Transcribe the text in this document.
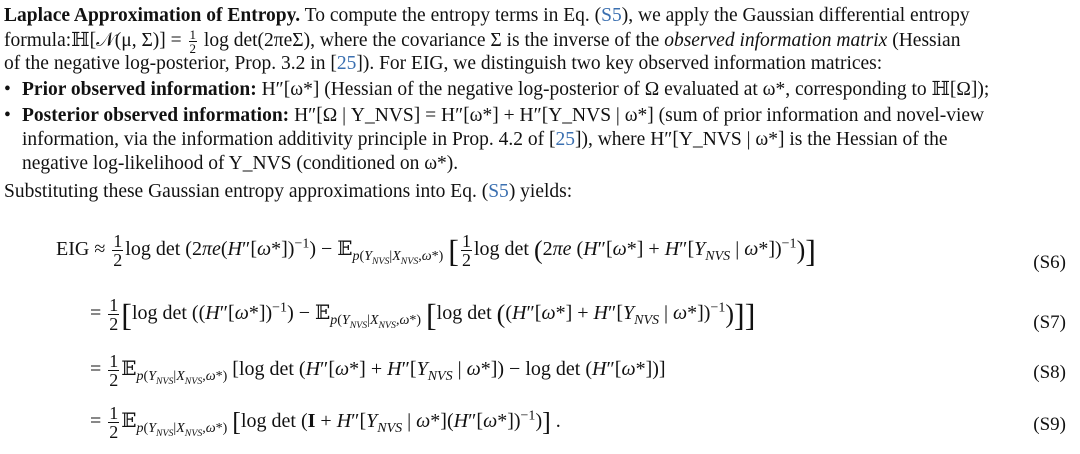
Laplace Approximation of Entropy. To compute the entropy terms in Eq. (S5), we apply the Gaussian differential entropy
formula:ℍ[𝒩(μ, $\Sigma)] = \frac{1}{2}$ log det(2πeΣ), where the covariance Σ is the inverse of the observed information matrix (Hessian
of the negative log-posterior, Prop. 3.2 in [25]). For EIG, we distinguish two key observed information matrices:
• Prior observed information: H″[ω*] (Hessian of the negative log-posterior of Ω evaluated at ω*, corresponding to ℍ[Ω]);
• Posterior observed information: H″[Ω | Y_NVS] = H″[ω*] + H″[Y_NVS | ω*] (sum of prior information and novel-view
information, via the information additivity principle in Prop. 4.2 of [25]), where H″[Y_NVS | ω*] is the Hessian of the
negative log-likelihood of Y_NVS (conditioned on ω*).
Substituting these Gaussian entropy approximations into Eq. (S5) yields:
EIG ≈ $\frac{1}{2}$ $\log \det (2\pi e(H''[\omega*])^{-1})$ − 𝔼$_{p(Y_{NVS}|X_{NVS},\omega*)}$ [ $\frac{1}{2}$ log det (2πe ($H''[\omega*] + H''[Y_{NVS}$ | ω*])$^{-1}$)]	(S6)
= $\frac{1}{2} [\log$ $\det ((H''[\omega*])^{-1})$ − 𝔼$_{p(Y_{NVS}|X_{NVS},\omega*)}$ [log $\det ((H''[\omega*] + H''[Y_{NVS}$ | ω*])$^{-1}$)]]	(S7)
= $\frac{1}{2}$ 𝔼$_{p(Y_{NVS}|X_{NVS},\omega*)}$ [log $\det (H''[\omega*] + H''[Y_{NVS}$ | ω*]) − log det (H″[ω*])]	(S8)
= $\frac{1}{2}$ 𝔼$_{p(Y_{NVS}|X_{NVS},\omega*)}$ [log $\det (I + H''[Y_{NVS}$ | $\omega*](H''[\omega*])^{-1}$)] .	(S9)
